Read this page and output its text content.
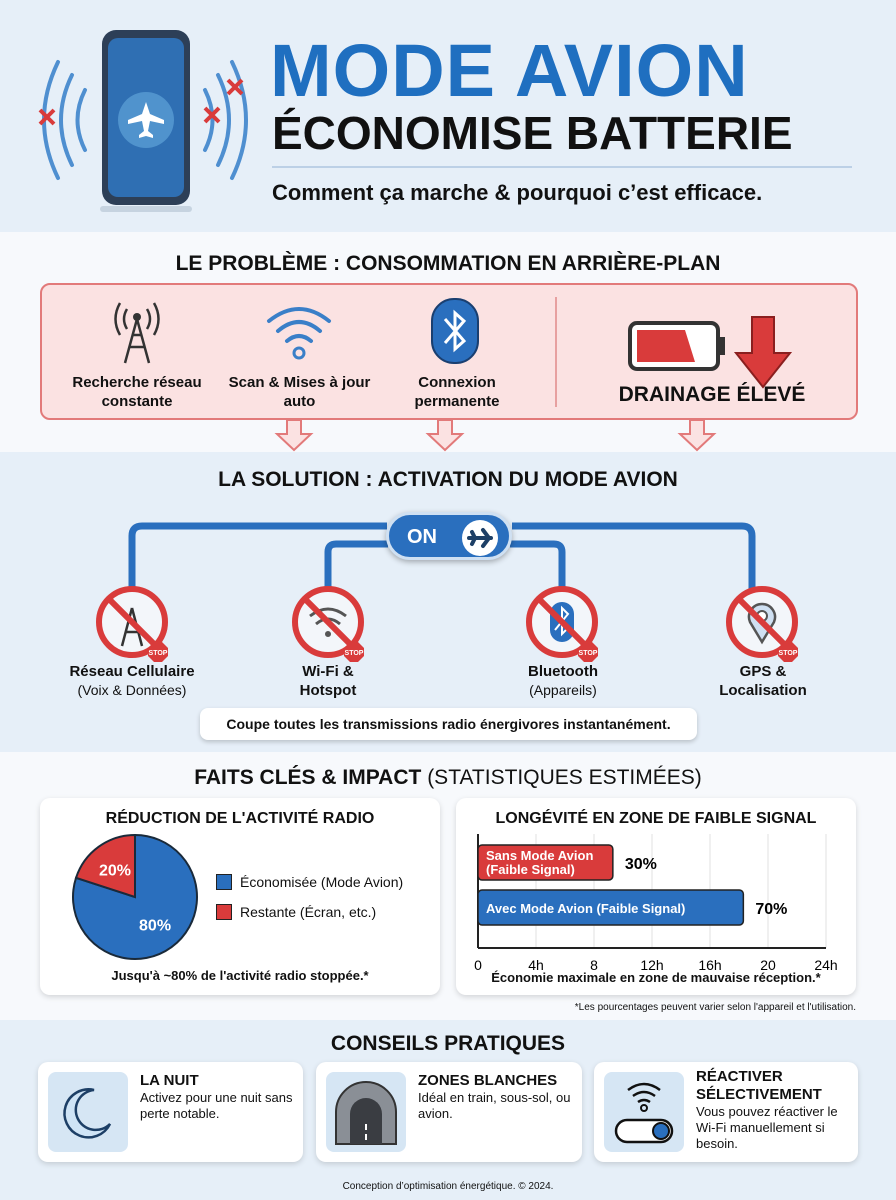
MODE AVION
ÉCONOMISE BATTERIE
Comment ça marche & pourquoi c’est efficace.
LE PROBLÈME : CONSOMMATION EN ARRIÈRE-PLAN
Recherche réseau constante
Scan & Mises à jour auto
Connexion permanente	DRAINAGE ÉLEVÉ
LA SOLUTION : ACTIVATION DU MODE AVION
ON
STOP	STOP	STOP	STOP
Réseau Cellulaire
(Voix & Données)
Wi-Fi &
Hotspot
Bluetooth
(Appareils)
GPS &
Localisation
Coupe toutes les transmissions radio énergivores instantanément.
FAITS CLÉS & IMPACT (STATISTIQUES ESTIMÉES)
RÉDUCTION DE L'ACTIVITÉ RADIO
80%
20%
Économisée (Mode Avion)
Restante (Écran, etc.)
Jusqu'à ~80% de l'activité radio stoppée.*
LONGÉVITÉ EN ZONE DE FAIBLE SIGNAL
0	4h	8	12h 16h	20	24h
Sans Mode Avion (Faible Signal)	30%
Avec Mode Avion (Faible Signal)	70%
Économie maximale en zone de mauvaise réception.*
*Les pourcentages peuvent varier selon l'appareil et l'utilisation.
CONSEILS PRATIQUES
LA NUIT

Activez pour une nuit sans perte notable.

ZONES BLANCHES

Idéal en train, sous-sol, ou avion.

RÉACTIVER SÉLECTIVEMENT

Vous pouvez réactiver le Wi-Fi manuellement si besoin.

Conception d’optimisation énergétique. © 2024.
